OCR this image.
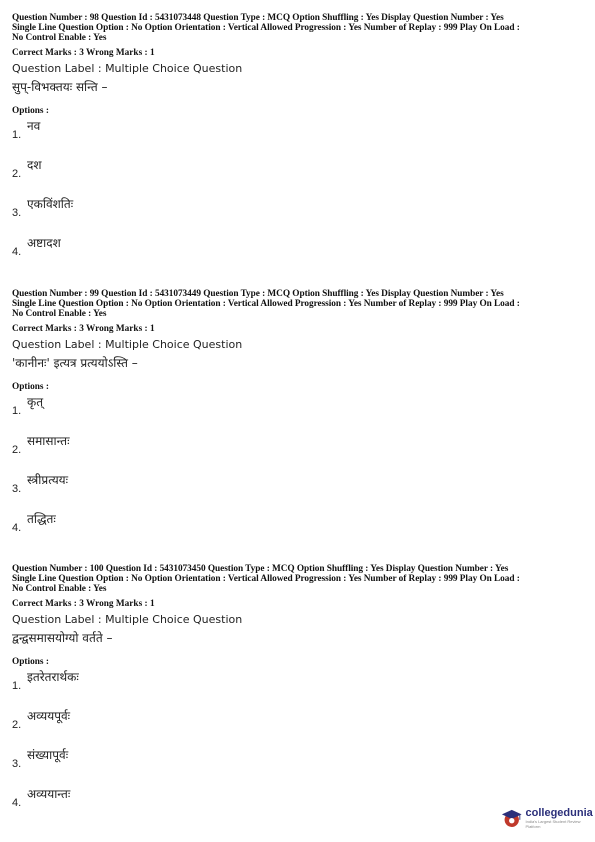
Question Number : 98 Question Id : 5431073448 Question Type : MCQ Option Shuffling : Yes Display Question Number : Yes
Single Line Question Option : No Option Orientation : Vertical Allowed Progression : Yes Number of Replay : 999 Play On Load :
No Control Enable : Yes
Correct Marks : 3 Wrong Marks : 1
Question Label : Multiple Choice Question
सुप्-विभक्तयः सन्ति –
Options :
1.
नव
2.
दश
3.
एकविंशतिः
4.
अष्टादश
Question Number : 99 Question Id : 5431073449 Question Type : MCQ Option Shuffling : Yes Display Question Number : Yes
Single Line Question Option : No Option Orientation : Vertical Allowed Progression : Yes Number of Replay : 999 Play On Load :
No Control Enable : Yes
Correct Marks : 3 Wrong Marks : 1
Question Label : Multiple Choice Question
'कानीनः' इत्यत्र प्रत्ययोऽस्ति –
Options :
1.
कृत्
2.
समासान्तः
3.
स्त्रीप्रत्ययः
4.
तद्धितः
Question Number : 100 Question Id : 5431073450 Question Type : MCQ Option Shuffling : Yes Display Question Number : Yes
Single Line Question Option : No Option Orientation : Vertical Allowed Progression : Yes Number of Replay : 999 Play On Load :
No Control Enable : Yes
Correct Marks : 3 Wrong Marks : 1
Question Label : Multiple Choice Question
द्वन्द्वसमासयोग्यो वर्तते –
Options :
1.
इतरेतरार्थकः
2.
अव्ययपूर्वः
3.
संख्यापूर्वः
4.
अव्ययान्तः
collegedunia
India's Largest Student Review Platform
